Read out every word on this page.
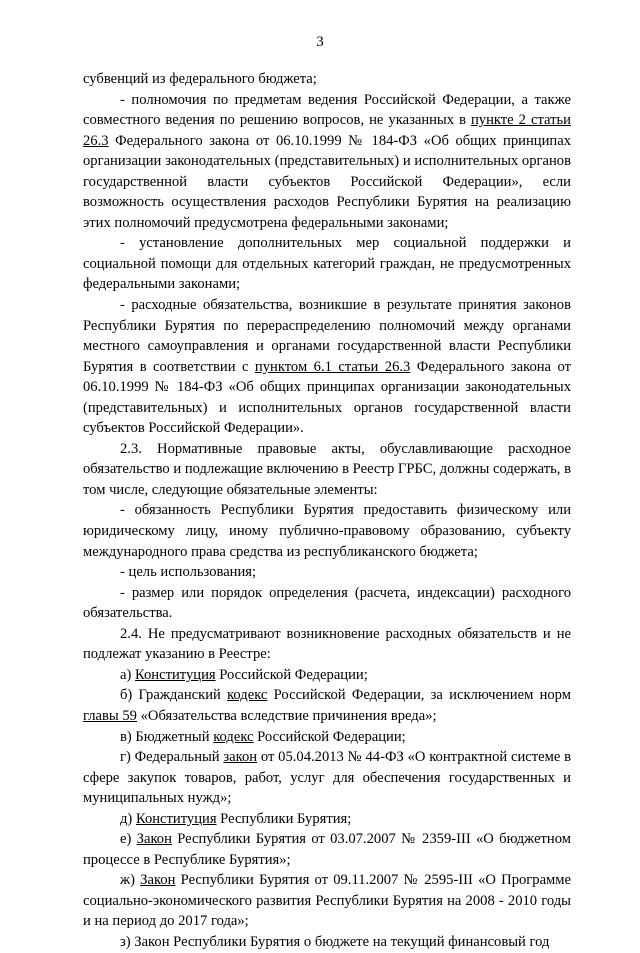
3

субвенций из федерального бюджета;

- полномочия по предметам ведения Российской Федерации, а также совместного ведения по решению вопросов, не указанных в пункте 2 статьи 26.3 Федерального закона от 06.10.1999 № 184-ФЗ «Об общих принципах организации законодательных (представительных) и исполнительных органов государственной власти субъектов Российской Федерации», если возможность осуществления расходов Республики Бурятия на реализацию этих полномочий предусмотрена федеральными законами;

- установление дополнительных мер социальной поддержки и социальной помощи для отдельных категорий граждан, не предусмотренных федеральными законами;

- расходные обязательства, возникшие в результате принятия законов Республики Бурятия по перераспределению полномочий между органами местного самоуправления и органами государственной власти Республики Бурятия в соответствии с пунктом 6.1 статьи 26.3 Федерального закона от 06.10.1999 № 184-ФЗ «Об общих принципах организации законодательных (представительных) и исполнительных органов государственной власти субъектов Российской Федерации».

2.3. Нормативные правовые акты, обуславливающие расходное обязательство и подлежащие включению в Реестр ГРБС, должны содержать, в том числе, следующие обязательные элементы:

- обязанность Республики Бурятия предоставить физическому или юридическому лицу, иному публично-правовому образованию, субъекту международного права средства из республиканского бюджета;

- цель использования;

- размер или порядок определения (расчета, индексации) расходного обязательства.

2.4. Не предусматривают возникновение расходных обязательств и не подлежат указанию в Реестре:

а) Конституция Российской Федерации;

б) Гражданский кодекс Российской Федерации, за исключением норм главы 59 «Обязательства вследствие причинения вреда»;

в) Бюджетный кодекс Российской Федерации;

г) Федеральный закон от 05.04.2013 № 44-ФЗ «О контрактной системе в сфере закупок товаров, работ, услуг для обеспечения государственных и муниципальных нужд»;

д) Конституция Республики Бурятия;

е) Закон Республики Бурятия от 03.07.2007 № 2359-III «О бюджетном процессе в Республике Бурятия»;

ж) Закон Республики Бурятия от 09.11.2007 № 2595-III «О Программе социально-экономического развития Республики Бурятия на 2008 - 2010 годы и на период до 2017 года»;

з) Закон Республики Бурятия о бюджете на текущий финансовый год
